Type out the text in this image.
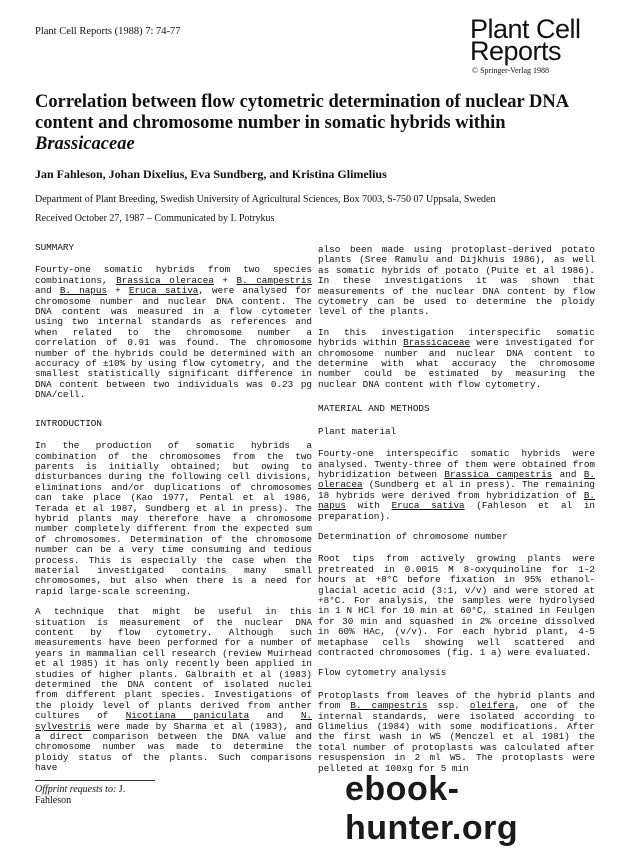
Plant Cell Reports (1988) 7: 74-77	Plant Cell
Reports
© Springer-Verlag 1988
Correlation between flow cytometric determination of nuclear DNA content and chromosome number in somatic hybrids within Brassicaceae
Jan Fahleson, Johan Dixelius, Eva Sundberg, and Kristina Glimelius
Department of Plant Breeding, Swedish University of Agricultural Sciences, Box 7003, S-750 07 Uppsala, Sweden
Received October 27, 1987 – Communicated by I. Potrykus
SUMMARY

Fourty-one somatic hybrids from two species combinations, Brassica oleracea + B. campestris and B. napus + Eruca sativa, were analysed for chromosome number and nuclear DNA content. The DNA content was measured in a flow cytometer using two internal standards as references and when related to the chromosome number a correlation of 0.91 was found. The chromosome number of the hybrids could be determined with an accuracy of ±10% by using flow cytometry, and the smallest statistically significant difference in DNA content between two individuals was 0.23 pg DNA/cell.

INTRODUCTION

In the production of somatic hybrids a combination of the chromosomes from the two parents is initially obtained; but owing to disturbances during the following cell divisions, eliminations and/or duplications of chromosomes can take place (Kao 1977, Pental et al 1986, Terada et al 1987, Sundberg et al in press). The hybrid plants may therefore have a chromosome number completely different from the expected sum of chromosomes. Determination of the chromosome number can be a very time consuming and tedious process. This is especially the case when the material investigated contains many small chromosomes, but also when there is a need for rapid large-scale screening.

A technique that might be useful in this situation is measurement of the nuclear DNA content by flow cytometry. Although such measurements have been performed for a number of years in mammalian cell research (review Muirhead et al 1985) it has only recently been applied in studies of higher plants. Galbraith et al (1983) determined the DNA content of isolated nuclei from different plant species. Investigations of the ploidy level of plants derived from anther cultures of Nicotiana paniculata and N. sylvestris were made by Sharma et al (1983), and a direct comparison between the DNA value and chromosome number was made to determine the ploidy status of the plants. Such comparisons have

also been made using protoplast-derived potato plants (Sree Ramulu and Dijkhuis 1986), as well as somatic hybrids of potato (Puite et al 1986). In these investigations it was shown that measurements of the nuclear DNA content by flow cytometry can be used to determine the ploidy level of the plants.

In this investigation interspecific somatic hybrids within Brassicaceae were investigated for chromosome number and nuclear DNA content to determine with what accuracy the chromosome number could be estimated by measuring the nuclear DNA content with flow cytometry.

MATERIAL AND METHODS
Plant material

Fourty-one interspecific somatic hybrids were analysed. Twenty-three of them were obtained from hybridization between Brassica campestris and B. oleracea (Sundberg et al in press). The remaining 18 hybrids were derived from hybridization of B. napus with Eruca sativa (Fahleson et al in preparation).

Determination of chromosome number

Root tips from actively growing plants were pretreated in 0.0015 M 8-oxyquinoline for 1-2 hours at +8°C before fixation in 95% ethanol-glacial acetic acid (3:1, v/v) and were stored at +8°C. For analysis, the samples were hydrolysed in 1 N HCl for 10 min at 60°C, stained in Feulgen for 30 min and squashed in 2% orceine dissolved in 60% HAc, (v/v). For each hybrid plant, 4-5 metaphase cells showing well scattered and contracted chromosomes (fig. 1 a) were evaluated.

Flow cytometry analysis

Protoplasts from leaves of the hybrid plants and from B. campestris ssp. oleifera, one of the internal standards, were isolated according to Glimelius (1984) with some modifications. After the first wash in W5 (Menczel et al 1981) the total number of protoplasts was calculated after resuspension in 2 ml W5. The protoplasts were pelleted at 100xg for 5 min

Offprint requests to: J. Fahleson	ebook-hunter.org
